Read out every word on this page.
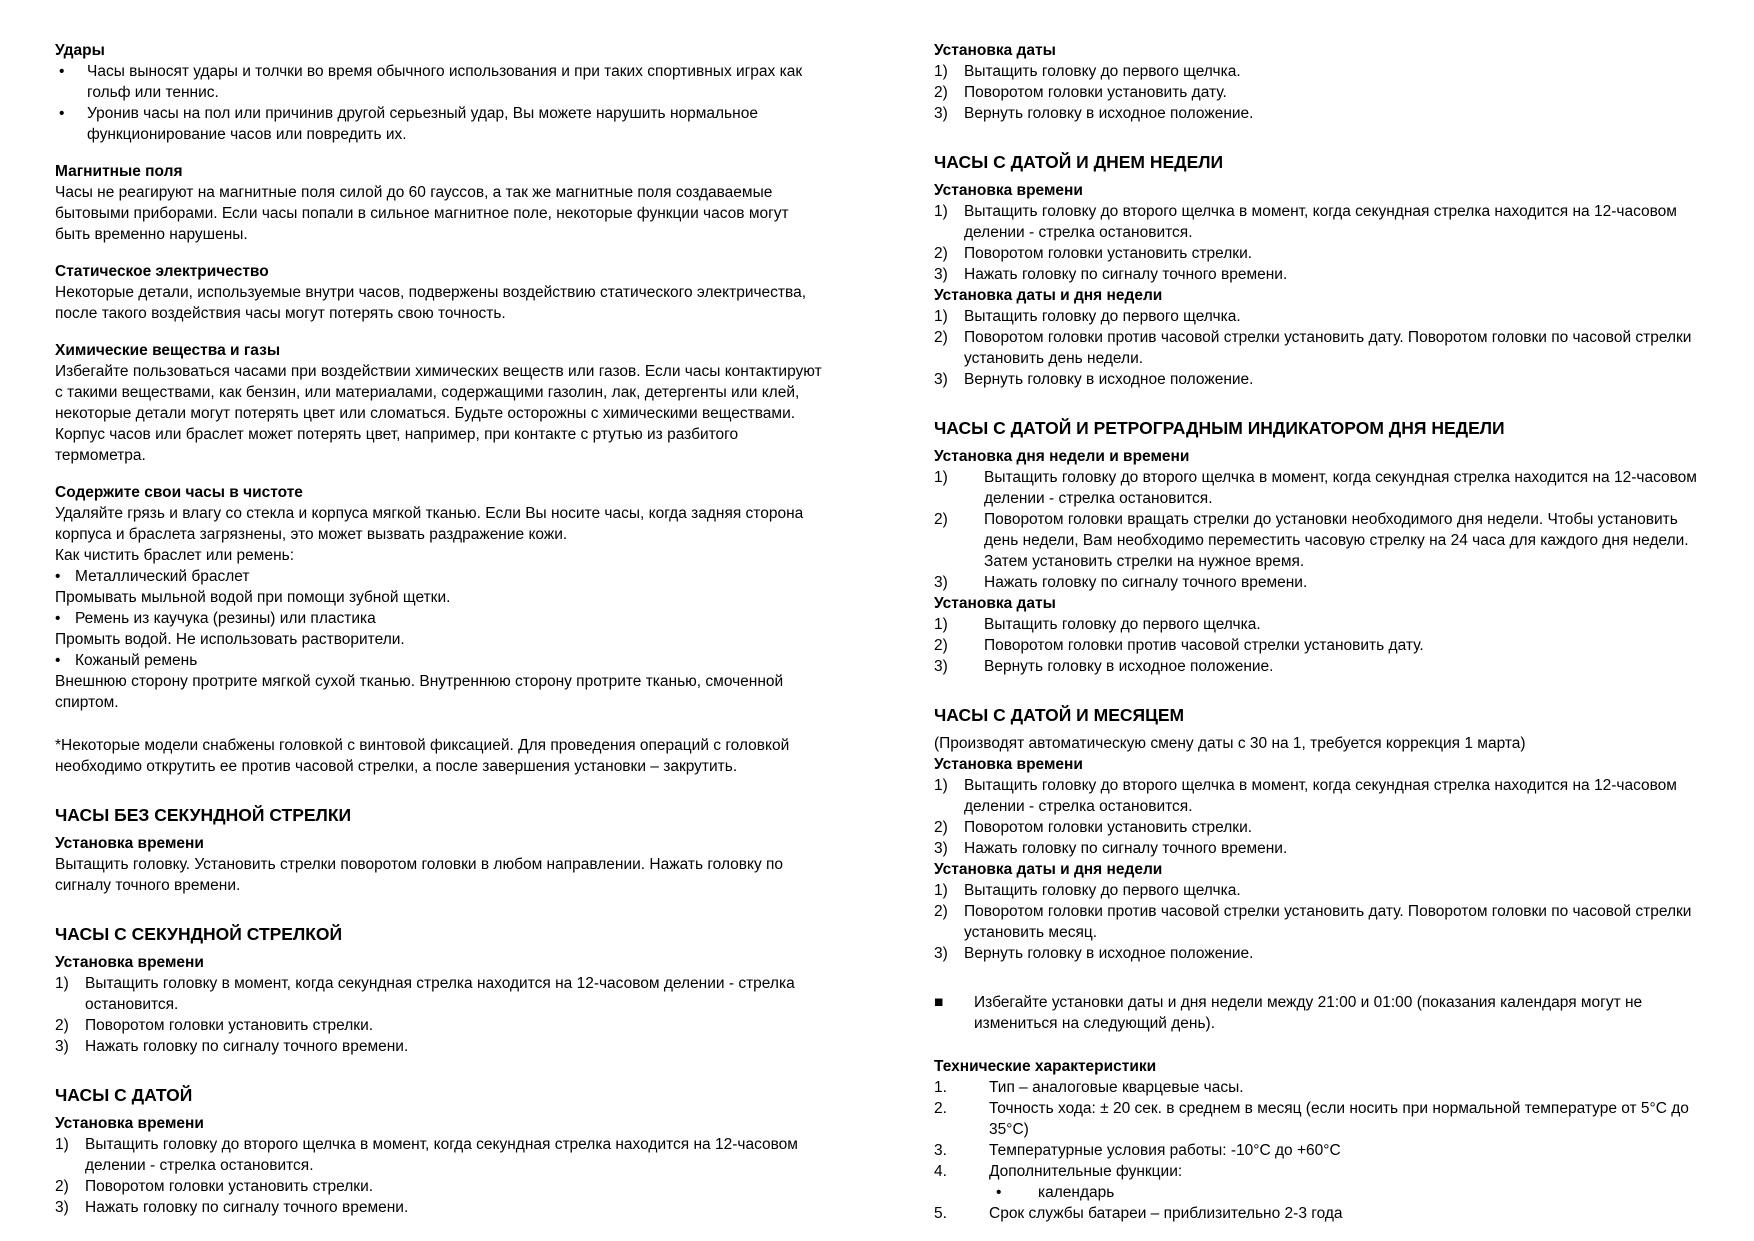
Удары

•	Часы выносят удары и толчки во время обычного использования и при таких спортивных играх как гольф или теннис.
•	Уронив часы на пол или причинив другой серьезный удар, Вы можете нарушить нормальное функционирование часов или повредить их.

Магнитные поля

Часы не реагируют на магнитные поля силой до 60 гауссов, а так же магнитные поля создаваемые бытовыми приборами. Если часы попали в сильное магнитное поле, некоторые функции часов могут быть временно нарушены.

Статическое электричество

Некоторые детали, используемые внутри часов, подвержены воздействию статического электричества, после такого воздействия часы могут потерять свою точность.

Химические вещества и газы

Избегайте пользоваться часами при воздействии химических веществ или газов. Если часы контактируют с такими веществами, как бензин, или материалами, содержащими газолин, лак, детергенты или клей, некоторые детали могут потерять цвет или сломаться. Будьте осторожны с химическими веществами. Корпус часов или браслет может потерять цвет, например, при контакте с ртутью из разбитого термометра.

Содержите свои часы в чистоте

Удаляйте грязь и влагу со стекла и корпуса мягкой тканью. Если Вы носите часы, когда задняя сторона корпуса и браслета загрязнены, это может вызвать раздражение кожи.

Как чистить браслет или ремень:

• Металлический браслет

Промывать мыльной водой при помощи зубной щетки.

• Ремень из каучука (резины) или пластика

Промыть водой. Не использовать растворители.

• Кожаный ремень

Внешнюю сторону протрите мягкой сухой тканью. Внутреннюю сторону протрите тканью, смоченной спиртом.

*Некоторые модели снабжены головкой с винтовой фиксацией. Для проведения операций с головкой необходимо открутить ее против часовой стрелки, а после завершения установки – закрутить.

ЧАСЫ БЕЗ СЕКУНДНОЙ СТРЕЛКИ

Установка времени

Вытащить головку. Установить стрелки поворотом головки в любом направлении. Нажать головку по сигналу точного времени.

ЧАСЫ С СЕКУНДНОЙ СТРЕЛКОЙ

Установка времени

1)	Вытащить головку в момент, когда секундная стрелка находится на 12-часовом делении - стрелка остановится.
2)	Поворотом головки установить стрелки.
3)	Нажать головку по сигналу точного времени.

ЧАСЫ С ДАТОЙ

Установка времени

1)	Вытащить головку до второго щелчка в момент, когда секундная стрелка находится на 12-часовом делении - стрелка остановится.
2)	Поворотом головки установить стрелки.
3)	Нажать головку по сигналу точного времени.

Установка даты

1)	Вытащить головку до первого щелчка.
2)	Поворотом головки установить дату.
3)	Вернуть головку в исходное положение.

ЧАСЫ С ДАТОЙ И ДНЕМ НЕДЕЛИ

Установка времени

1)	Вытащить головку до второго щелчка в момент, когда секундная стрелка находится на 12-часовом делении - стрелка остановится.
2)	Поворотом головки установить стрелки.
3)	Нажать головку по сигналу точного времени.

Установка даты и дня недели

1)	Вытащить головку до первого щелчка.
2)	Поворотом головки против часовой стрелки установить дату. Поворотом головки по часовой стрелки установить день недели.
3)	Вернуть головку в исходное положение.

ЧАСЫ С ДАТОЙ И РЕТРОГРАДНЫМ ИНДИКАТОРОМ ДНЯ НЕДЕЛИ

Установка дня недели и времени

1)	Вытащить головку до второго щелчка в момент, когда секундная стрелка находится на 12-часовом делении - стрелка остановится.
2)	Поворотом головки вращать стрелки до установки необходимого дня недели. Чтобы установить день недели, Вам необходимо переместить часовую стрелку на 24 часа для каждого дня недели. Затем установить стрелки на нужное время.
3)	Нажать головку по сигналу точного времени.

Установка даты

1)	Вытащить головку до первого щелчка.
2)	Поворотом головки против часовой стрелки установить дату.
3)	Вернуть головку в исходное положение.

ЧАСЫ С ДАТОЙ И МЕСЯЦЕМ

(Производят автоматическую смену даты с 30 на 1, требуется коррекция 1 марта)

Установка времени

1)	Вытащить головку до второго щелчка в момент, когда секундная стрелка находится на 12-часовом делении - стрелка остановится.
2)	Поворотом головки установить стрелки.
3)	Нажать головку по сигналу точного времени.

Установка даты и дня недели

1)	Вытащить головку до первого щелчка.
2)	Поворотом головки против часовой стрелки установить дату. Поворотом головки по часовой стрелки установить месяц.
3)	Вернуть головку в исходное положение.
■	Избегайте установки даты и дня недели между 21:00 и 01:00 (показания календаря могут не измениться на следующий день).

Технические характеристики

1.	Тип – аналоговые кварцевые часы.
2.	Точность хода: ± 20 сек. в среднем в месяц (если носить при нормальной температуре от 5°С до 35°С)
3.	Температурные условия работы: -10°С до +60°С
4.	Дополнительные функции:
•	календарь
5.	Срок службы батареи – приблизительно 2-3 года
